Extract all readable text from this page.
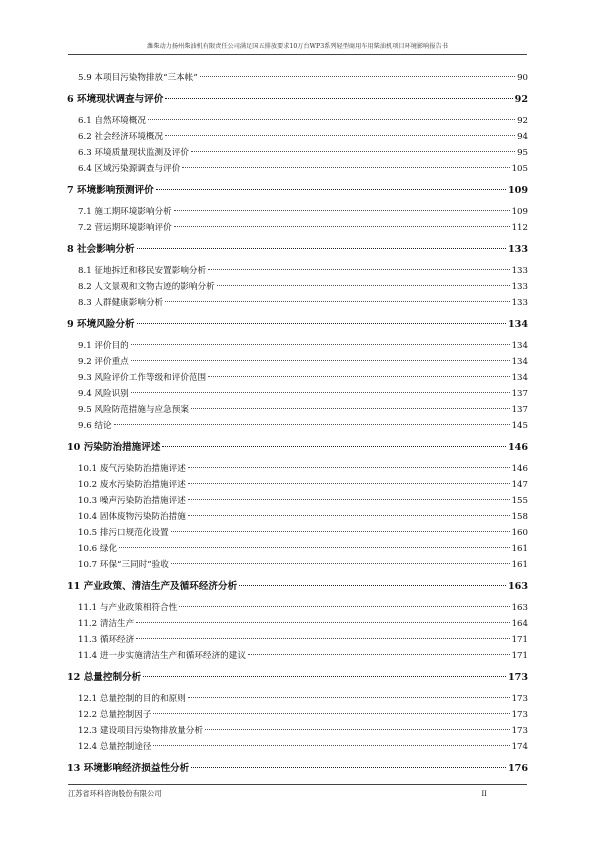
潍柴动力扬州柴油机有限责任公司满足国五排放要求10万台WP3系列轻型商用车用柴油机项目环境影响报告书
5.9 本项目污染物排放“三本帐”	90
6 环境现状调查与评价	92
6.1 自然环境概况	92
6.2 社会经济环境概况	94
6.3 环境质量现状监测及评价	95
6.4 区域污染源调查与评价	105
7 环境影响预测评价	109
7.1 施工期环境影响分析	109
7.2 营运期环境影响评价	112
8 社会影响分析	133
8.1 征地拆迁和移民安置影响分析	133
8.2 人文景观和文物古迹的影响分析	133
8.3 人群健康影响分析	133
9 环境风险分析	134
9.1 评价目的	134
9.2 评价重点	134
9.3 风险评价工作等级和评价范围	134
9.4 风险识别	137
9.5 风险防范措施与应急预案	137
9.6 结论	145
10 污染防治措施评述	146
10.1 废气污染防治措施评述	146
10.2 废水污染防治措施评述	147
10.3 噪声污染防治措施评述	155
10.4 固体废物污染防治措施	158
10.5 排污口规范化设置	160
10.6 绿化	161
10.7 环保“三同时”验收	161
11 产业政策、清洁生产及循环经济分析	163
11.1 与产业政策相符合性	163
11.2 清洁生产	164
11.3 循环经济	171
11.4 进一步实施清洁生产和循环经济的建议	171
12 总量控制分析	173
12.1 总量控制的目的和原则	173
12.2 总量控制因子	173
12.3 建设项目污染物排放量分析	173
12.4 总量控制途径	174
13 环境影响经济损益性分析	176
江苏省环科咨询股份有限公司	II
